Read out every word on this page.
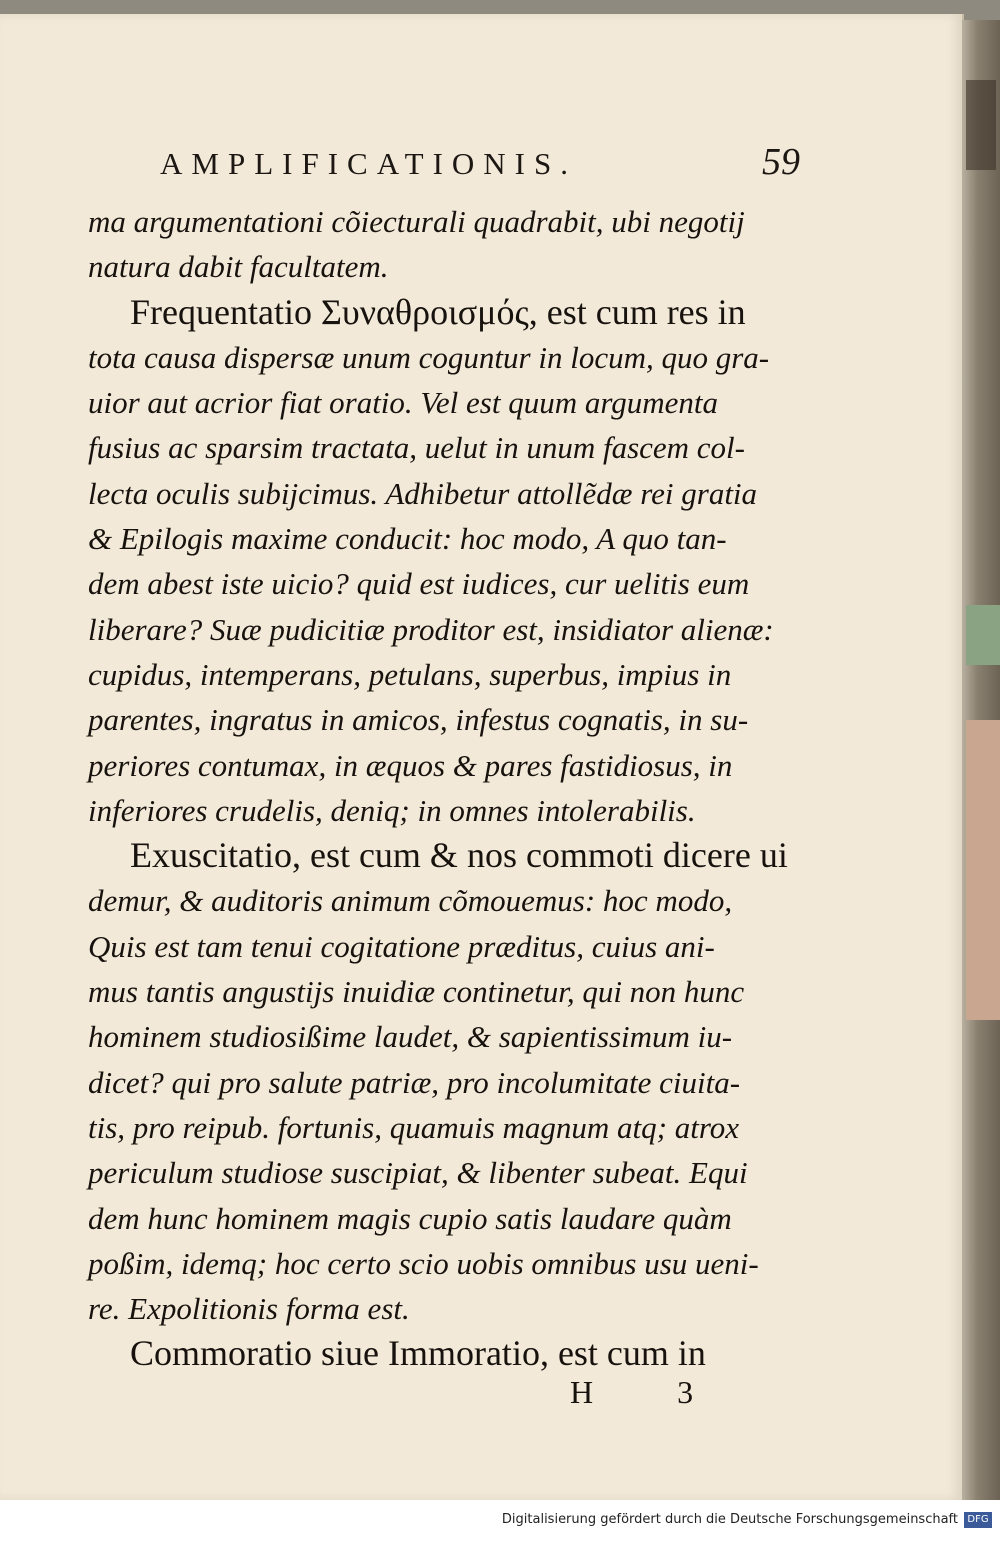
AMPLIFICATIONIS.	59
ma argumentationi cõiecturali quadrabit, ubi negotij
natura dabit facultatem.
Frequentatio Συναθροισμός, est cum res in
tota causa dispersæ unum coguntur in locum, quo gra-
uior aut acrior fiat oratio. Vel est quum argumenta
fusius ac sparsim tractata, uelut in unum fascem col-
lecta oculis subijcimus. Adhibetur attollẽdæ rei gratia
& Epilogis maxime conducit: hoc modo, A quo tan-
dem abest iste uicio? quid est iudices, cur uelitis eum
liberare? Suæ pudicitiæ proditor est, insidiator alienæ:
cupidus, intemperans, petulans, superbus, impius in
parentes, ingratus in amicos, infestus cognatis, in su-
periores contumax, in æquos & pares fastidiosus, in
inferiores crudelis, deniq; in omnes intolerabilis.
Exuscitatio, est cum & nos commoti dicere ui
demur, & auditoris animum cõmouemus: hoc modo,
Quis est tam tenui cogitatione præditus, cuius ani-
mus tantis angustijs inuidiæ continetur, qui non hunc
hominem studiosißime laudet, & sapientissimum iu-
dicet? qui pro salute patriæ, pro incolumitate ciuita-
tis, pro reipub. fortunis, quamuis magnum atq; atrox
periculum studiose suscipiat, & libenter subeat. Equi
dem hunc hominem magis cupio satis laudare quàm
poßim, idemq; hoc certo scio uobis omnibus usu ueni-
re. Expolitionis forma est.
Commoratio siue Immoratio, est cum in
H 3
Digitalisierung gefördert durch die Deutsche Forschungsgemeinschaft DFG
